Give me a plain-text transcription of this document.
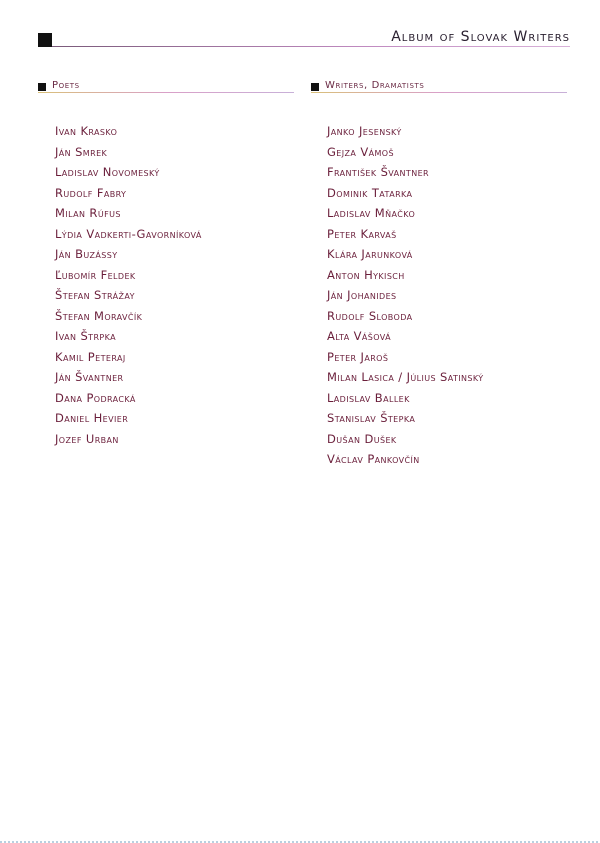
Album of Slovak Writers
Poets	Writers, Dramatists
Ivan Krasko
Ján Smrek
Ladislav Novomeský
Rudolf Fabry
Milan Rúfus
Lýdia Vadkerti-Gavorníková
Ján Buzássy
Ľubomír Feldek
Štefan Strážay
Štefan Moravčík
Ivan Štrpka
Kamil Peteraj
Ján Švantner
Dana Podracká
Daniel Hevier
Jozef Urban
Janko Jesenský
Gejza Vámoš
František Švantner
Dominik Tatarka
Ladislav Mňačko
Peter Karvaš
Klára Jarunková
Anton Hykisch
Ján Johanides
Rudolf Sloboda
Alta Vášová
Peter Jaroš
Milan Lasica / Július Satinský
Ladislav Ballek
Stanislav Štepka
Dušan Dušek
Václav Pankovčín
